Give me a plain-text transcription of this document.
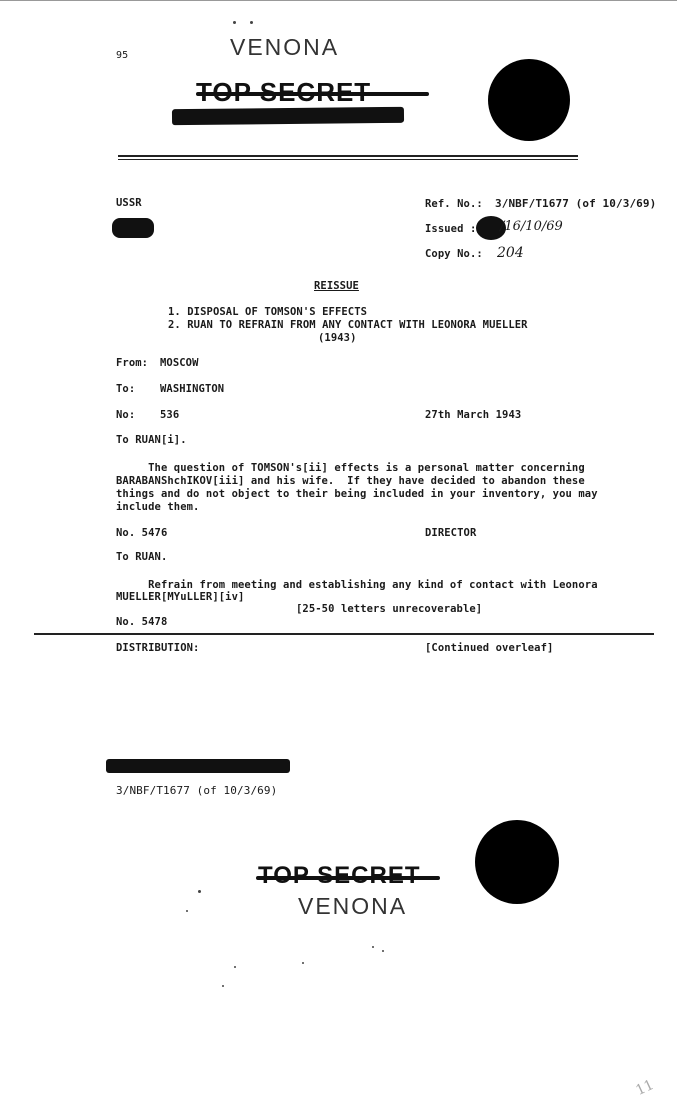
95	VENONA
USSR	Ref. No.: 3/NBF/T1677 (of 10/3/69)
Issued : /16/10/69
Copy No.: 204
REISSUE
1. DISPOSAL OF TOMSON'S EFFECTS
2. RUAN TO REFRAIN FROM ANY CONTACT WITH LEONORA MUELLER
(1943)
From: MOSCOW
To: WASHINGTON
No: 536	27th March 1943
To RUAN[i].
The question of TOMSON's[ii] effects is a personal matter concerning
BARABANShchIKOV[iii] and his wife.  If they have decided to abandon these
things and do not object to their being included in your inventory, you may
include them.
No. 5476	DIRECTOR
To RUAN.
Refrain from meeting and establishing any kind of contact with Leonora
MUELLER[MYuLLER][iv]
[25-50 letters unrecoverable]
No. 5478
DISTRIBUTION:	[Continued overleaf]
3/NBF/T1677 (of 10/3/69)
VENONA
11
